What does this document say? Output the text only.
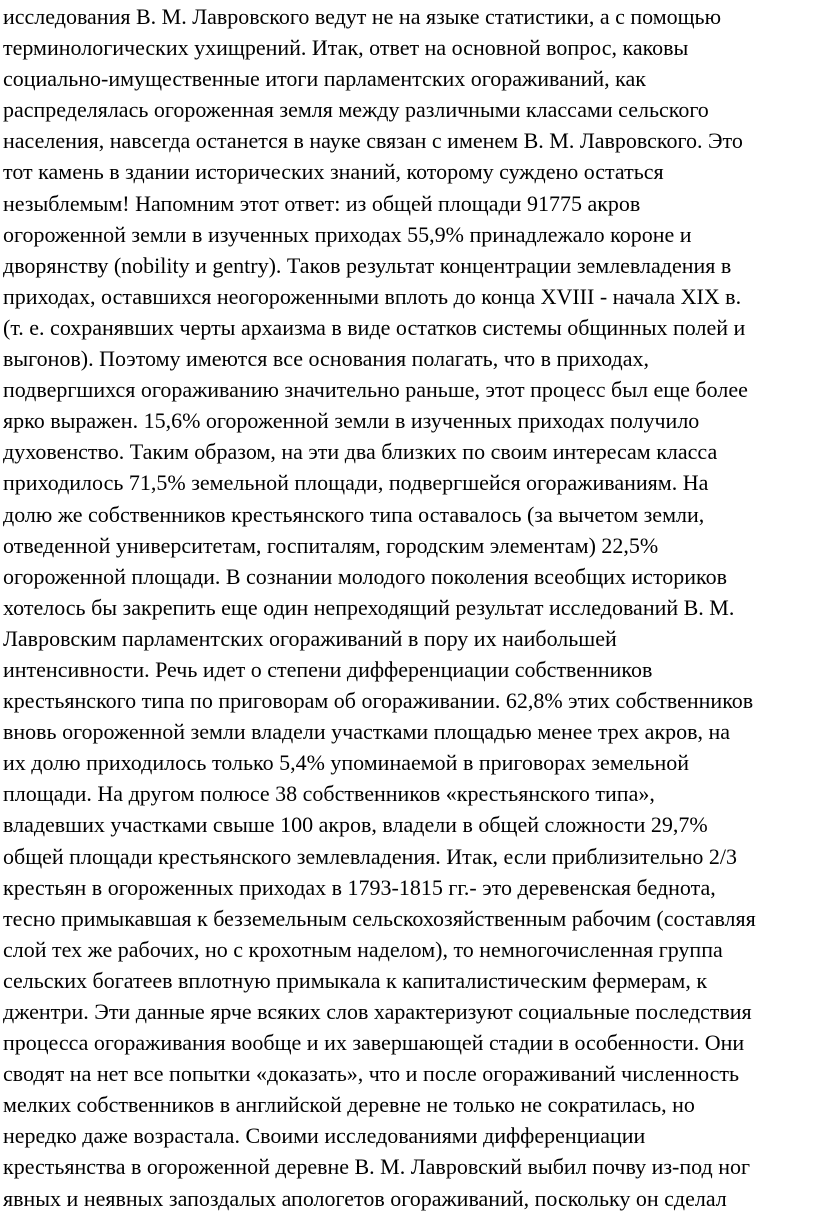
исследования В. М. Лавровского ведут не на языке статистики, а с помощью
терминологических ухищрений. Итак, ответ на основной вопрос, каковы
социально-имущественные итоги парламентских огораживаний, как
распределялась огороженная земля между различными классами сельского
населения, навсегда останется в науке связан с именем В. М. Лавровского. Это
тот камень в здании исторических знаний, которому суждено остаться
незыблемым! Напомним этот ответ: из общей площади 91775 акров
огороженной земли в изученных приходах 55,9% принадлежало короне и
дворянству (nobility и gentry). Таков результат концентрации землевладения в
приходах, оставшихся неогороженными вплоть до конца XVIII - начала XIX в.
(т. е. сохранявших черты архаизма в виде остатков системы общинных полей и
выгонов). Поэтому имеются все основания полагать, что в приходах,
подвергшихся огораживанию значительно раньше, этот процесс был еще более
ярко выражен. 15,6% огороженной земли в изученных приходах получило
духовенство. Таким образом, на эти два близких по своим интересам класса
приходилось 71,5% земельной площади, подвергшейся огораживаниям. На
долю же собственников крестьянского типа оставалось (за вычетом земли,
отведенной университетам, госпиталям, городским элементам) 22,5%
огороженной площади. В сознании молодого поколения всеобщих историков
хотелось бы закрепить еще один непреходящий результат исследований В. М.
Лавровским парламентских огораживаний в пору их наибольшей
интенсивности. Речь идет о степени дифференциации собственников
крестьянского типа по приговорам об огораживании. 62,8% этих собственников
вновь огороженной земли владели участками площадью менее трех акров, на
их долю приходилось только 5,4% упоминаемой в приговорах земельной
площади. На другом полюсе 38 собственников «крестьянского типа»,
владевших участками свыше 100 акров, владели в общей сложности 29,7%
общей площади крестьянского землевладения. Итак, если приблизительно 2/3
крестьян в огороженных приходах в 1793-1815 гг.- это деревенская беднота,
тесно примыкавшая к безземельным сельскохозяйственным рабочим (составляя
слой тех же рабочих, но с крохотным наделом), то немногочисленная группа
сельских богатеев вплотную примыкала к капиталистическим фермерам, к
джентри. Эти данные ярче всяких слов характеризуют социальные последствия
процесса огораживания вообще и их завершающей стадии в особенности. Они
сводят на нет все попытки «доказать», что и после огораживаний численность
мелких собственников в английской деревне не только не сократилась, но
нередко даже возрастала. Своими исследованиями дифференциации
крестьянства в огороженной деревне В. М. Лавровский выбил почву из-под ног
явных и неявных запоздалых апологетов огораживаний, поскольку он сделал
